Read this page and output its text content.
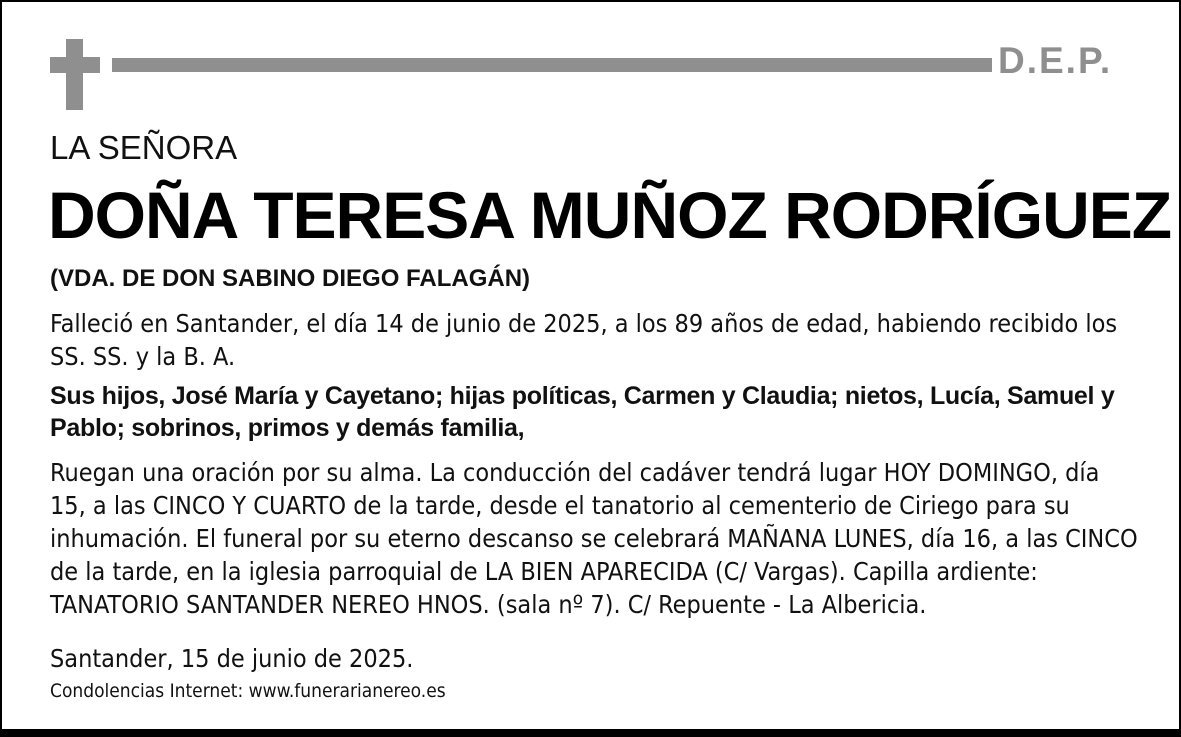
D.E.P.
LA SEÑORA
DOÑA TERESA MUÑOZ RODRÍGUEZ
(VDA. DE DON SABINO DIEGO FALAGÁN)

Falleció en Santander, el día 14 de junio de 2025, a los 89 años de edad, habiendo recibido los SS. SS. y la B. A.

Sus hijos, José María y Cayetano; hijas políticas, Carmen y Claudia; nietos, Lucía, Samuel y Pablo; sobrinos, primos y demás familia,

Ruegan una oración por su alma. La conducción del cadáver tendrá lugar HOY DOMINGO, día 15, a las CINCO Y CUARTO de la tarde, desde el tanatorio al cementerio de Ciriego para su inhumación. El funeral por su eterno descanso se celebrará MAÑANA LUNES, día 16, a las CINCO de la tarde, en la iglesia parroquial de LA BIEN APARECIDA (C/ Vargas). Capilla ardiente: TANATORIO SANTANDER NEREO HNOS. (sala nº 7). C/ Repuente - La Albericia.

Santander, 15 de junio de 2025.
Condolencias Internet: www.funerarianereo.es
